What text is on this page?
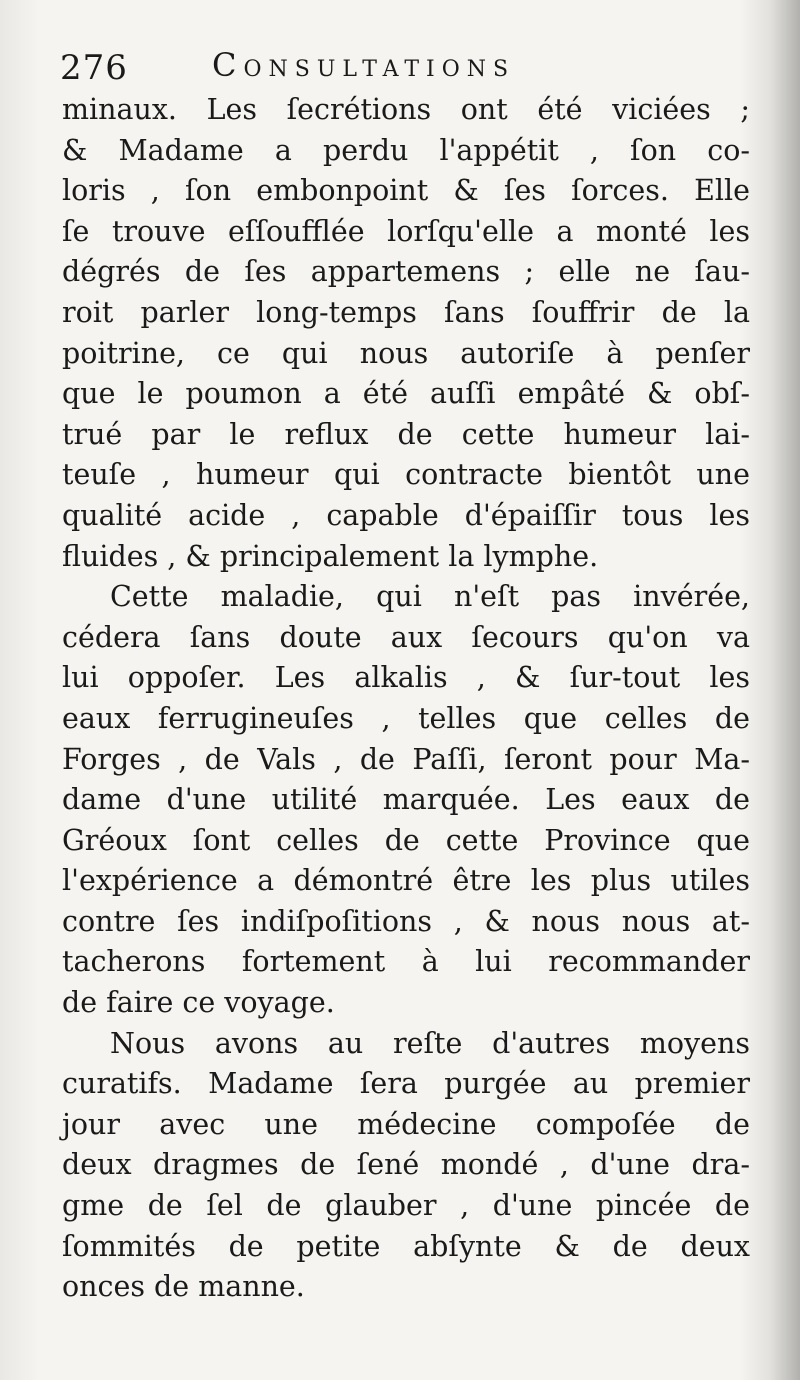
276	Consultations
minaux. Les ſecrétions ont été viciées ;
& Madame a perdu l'appétit , ſon co-
loris , ſon embonpoint & ſes ſorces. Elle
ſe trouve eſſoufflée lorſqu'elle a monté les
dégrés de ſes appartemens ; elle ne ſau-
roit parler long-temps ſans ſouffrir de la
poitrine, ce qui nous autoriſe à penſer
que le poumon a été auſſi empâté & obſ-
trué par le reflux de cette humeur lai-
teuſe , humeur qui contracte bientôt une
qualité acide , capable d'épaiſſir tous les
fluides , & principalement la lymphe.
Cette maladie, qui n'eſt pas invérée,
cédera ſans doute aux ſecours qu'on va
lui oppoſer. Les alkalis , & ſur-tout les
eaux ferrugineuſes , telles que celles de
Forges , de Vals , de Paſſi, ſeront pour Ma-
dame d'une utilité marquée. Les eaux de
Gréoux ſont celles de cette Province que
l'expérience a démontré être les plus utiles
contre ſes indiſpoſitions , & nous nous at-
tacherons fortement à lui recommander
de faire ce voyage.
Nous avons au reſte d'autres moyens
curatifs. Madame ſera purgée au premier
jour avec une médecine compoſée de
deux dragmes de ſené mondé , d'une dra-
gme de ſel de glauber , d'une pincée de
ſommités de petite abſynte & de deux
onces de manne.
